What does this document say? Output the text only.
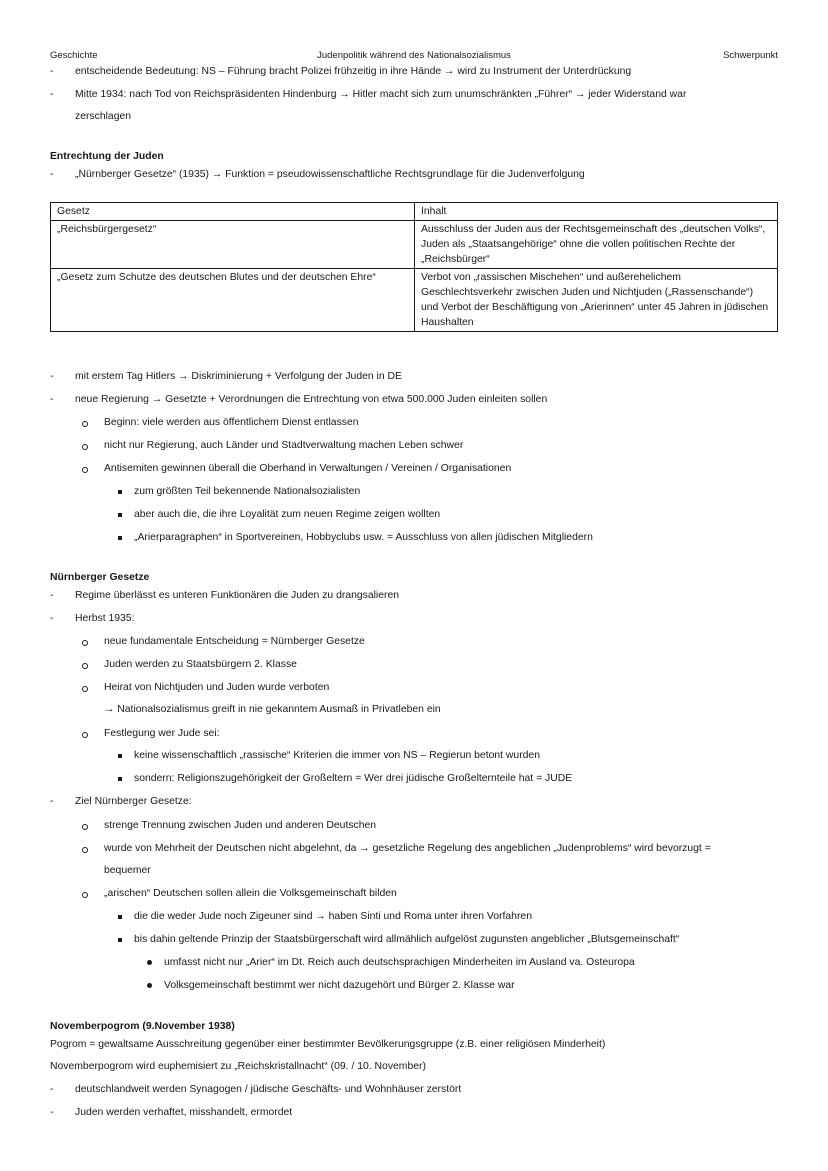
Geschichte	Judenpolitik während des Nationalsozialismus	Schwerpunkt
- entscheidende Bedeutung: NS – Führung bracht Polizei frühzeitig in ihre Hände → wird zu Instrument der Unterdrückung
- Mitte 1934: nach Tod von Reichspräsidenten Hindenburg → Hitler macht sich zum unumschränkten „Führer“ → jeder Widerstand war
zerschlagen
Entrechtung der Juden
- „Nürnberger Gesetze“ (1935) → Funktion = pseudowissenschaftliche Rechtsgrundlage für die Judenverfolgung
Gesetz	Inhalt
„Reichsbürgergesetz“	Ausschluss der Juden aus der Rechtsgemeinschaft des „deutschen Volks“, Juden als „Staatsangehörige“ ohne die vollen politischen Rechte der „Reichsbürger“
„Gesetz zum Schutze des deutschen Blutes und der deutschen Ehre“	Verbot von „rassischen Mischehen“ und außerehelichem Geschlechtsverkehr zwischen Juden und Nichtjuden („Rassenschande“) und Verbot der Beschäftigung von „Arierinnen“ unter 45 Jahren in jüdischen Haushalten
- mit erstem Tag Hitlers → Diskriminierung + Verfolgung der Juden in DE
- neue Regierung → Gesetzte + Verordnungen die Entrechtung von etwa 500.000 Juden einleiten sollen
Beginn: viele werden aus öffentlichem Dienst entlassen
nicht nur Regierung, auch Länder und Stadtverwaltung machen Leben schwer
Antisemiten gewinnen überall die Oberhand in Verwaltungen / Vereinen / Organisationen
zum größten Teil bekennende Nationalsozialisten
aber auch die, die ihre Loyalität zum neuen Regime zeigen wollten
„Arierparagraphen“ in Sportvereinen, Hobbyclubs usw. = Ausschluss von allen jüdischen Mitgliedern
Nürnberger Gesetze
- Regime überlässt es unteren Funktionären die Juden zu drangsalieren
- Herbst 1935:
neue fundamentale Entscheidung = Nürnberger Gesetze
Juden werden zu Staatsbürgern 2. Klasse
Heirat von Nichtjuden und Juden wurde verboten
→ Nationalsozialismus greift in nie gekanntem Ausmaß in Privatleben ein
Festlegung wer Jude sei:
keine wissenschaftlich „rassische“ Kriterien die immer von NS – Regierun betont wurden
sondern: Religionszugehörigkeit der Großeltern = Wer drei jüdische Großelternteile hat = JUDE
- Ziel Nürnberger Gesetze:
strenge Trennung zwischen Juden und anderen Deutschen
wurde von Mehrheit der Deutschen nicht abgelehnt, da → gesetzliche Regelung des angeblichen „Judenproblems“ wird bevorzugt =
bequemer
„arischen“ Deutschen sollen allein die Volksgemeinschaft bilden
die die weder Jude noch Zigeuner sind → haben Sinti und Roma unter ihren Vorfahren
bis dahin geltende Prinzip der Staatsbürgerschaft wird allmählich aufgelöst zugunsten angeblicher „Blutsgemeinschaft“
umfasst nicht nur „Arier“ im Dt. Reich auch deutschsprachigen Minderheiten im Ausland va. Osteuropa
Volksgemeinschaft bestimmt wer nicht dazugehört und Bürger 2. Klasse war
Novemberpogrom (9.November 1938)
Pogrom = gewaltsame Ausschreitung gegenüber einer bestimmter Bevölkerungsgruppe (z.B. einer religiösen Minderheit)
Novemberpogrom wird euphemisiert zu „Reichskristallnacht“ (09. / 10. November)
- deutschlandweit werden Synagogen / jüdische Geschäfts- und Wohnhäuser zerstört
- Juden werden verhaftet, misshandelt, ermordet
